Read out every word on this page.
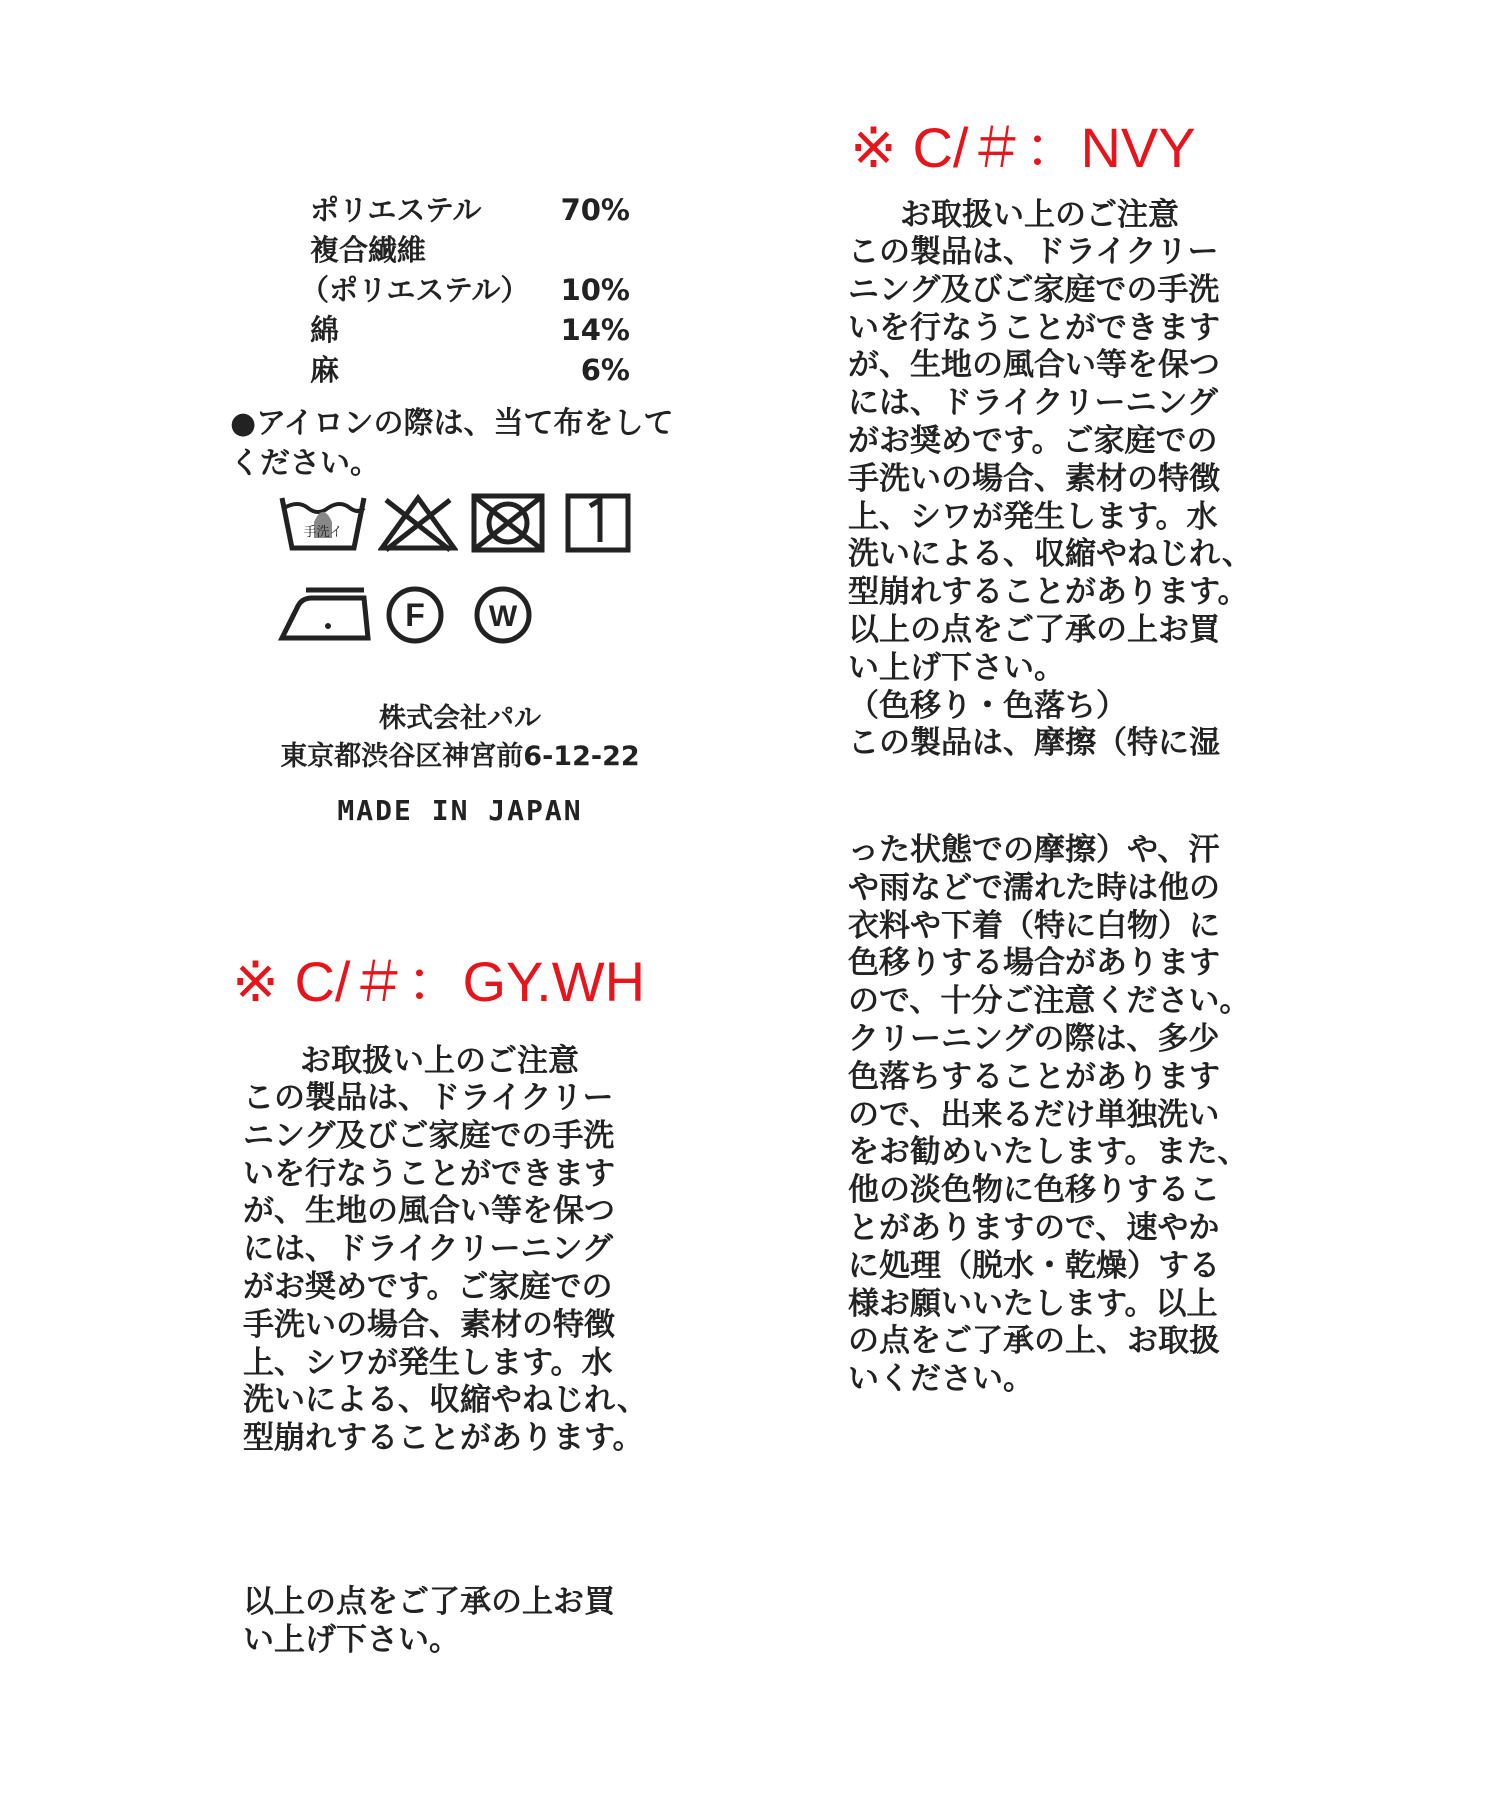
ポリエステル	70%
複合繊維
（ポリエステル） 10%
綿	14%
麻	6%
●アイロンの際は、当て布をしてください。
手洗イ
F W
株式会社パル
東京都渋谷区神宮前6-12-22
MADE IN JAPAN
※ C/＃：NVY
お取扱い上のご注意
この製品は、ドライクリー
ニング及びご家庭での手洗
いを行なうことができます
が、生地の風合い等を保つ
には、ドライクリーニング
がお奨めです。ご家庭での
手洗いの場合、素材の特徴
上、シワが発生します。水
洗いによる、収縮やねじれ、
型崩れすることがあります。
以上の点をご了承の上お買
い上げ下さい。
（色移り・色落ち）
この製品は、摩擦（特に湿
った状態での摩擦）や、汗
や雨などで濡れた時は他の
衣料や下着（特に白物）に
色移りする場合があります
ので、十分ご注意ください。
クリーニングの際は、多少
色落ちすることがあります
ので、出来るだけ単独洗い
をお勧めいたします。また、
他の淡色物に色移りするこ
とがありますので、速やか
に処理（脱水・乾燥）する
様お願いいたします。以上
の点をご了承の上、お取扱
いください。
※ C/＃：GY.WH
お取扱い上のご注意
この製品は、ドライクリー
ニング及びご家庭での手洗
いを行なうことができます
が、生地の風合い等を保つ
には、ドライクリーニング
がお奨めです。ご家庭での
手洗いの場合、素材の特徴
上、シワが発生します。水
洗いによる、収縮やねじれ、
型崩れすることがあります。
以上の点をご了承の上お買
い上げ下さい。
